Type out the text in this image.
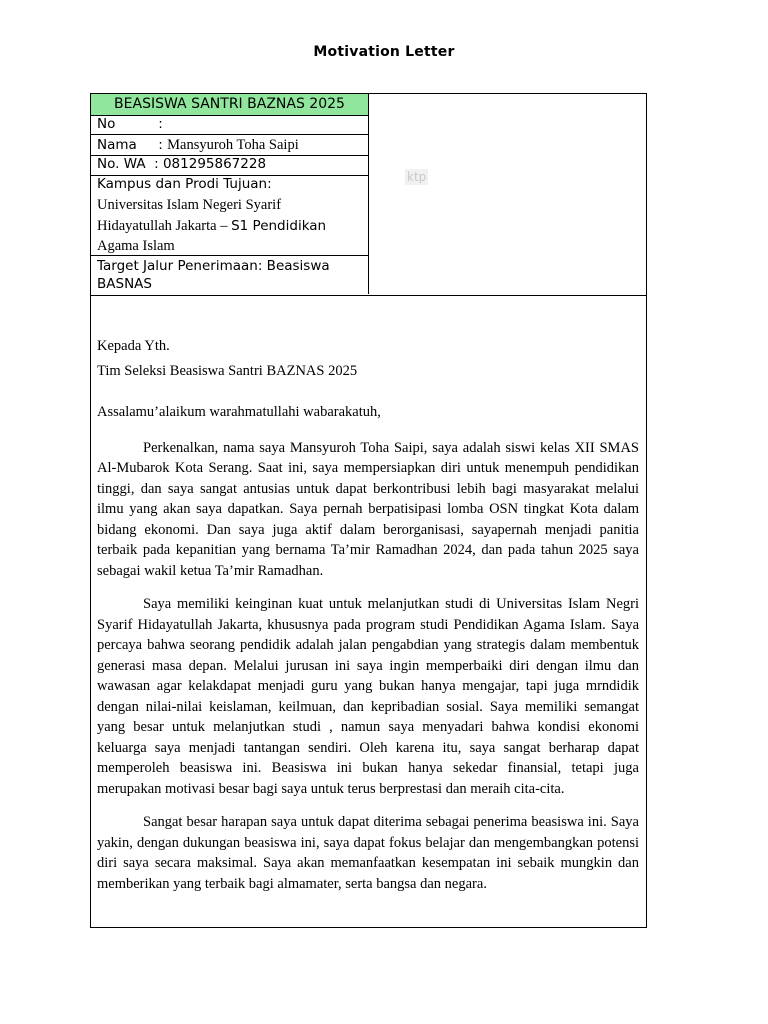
Motivation Letter
BEASISWA SANTRI BAZNAS 2025
No          :
Nama     : Mansyuroh Toha Saipi
No. WA  : 081295867228
Kampus dan Prodi Tujuan:
Universitas Islam Negeri Syarif Hidayatullah Jakarta – S1 Pendidikan Agama Islam
Target Jalur Penerimaan: Beasiswa BASNAS
ktp

Kepada Yth.

Tim Seleksi Beasiswa Santri BAZNAS 2025

Assalamu’alaikum warahmatullahi wabarakatuh,

Perkenalkan, nama saya Mansyuroh Toha Saipi, saya adalah siswi kelas XII SMAS Al-Mubarok Kota Serang. Saat ini, saya mempersiapkan diri untuk menempuh pendidikan tinggi, dan saya sangat antusias untuk dapat berkontribusi lebih bagi masyarakat melalui ilmu yang akan saya dapatkan. Saya pernah berpatisipasi lomba OSN tingkat Kota dalam bidang ekonomi. Dan saya juga aktif dalam berorganisasi, sayapernah menjadi panitia terbaik pada kepanitian yang bernama Ta’mir Ramadhan 2024, dan pada tahun 2025 saya sebagai wakil ketua Ta’mir Ramadhan.

Saya memiliki keinginan kuat untuk melanjutkan studi di Universitas Islam Negri Syarif Hidayatullah Jakarta, khususnya pada program studi Pendidikan Agama Islam. Saya percaya bahwa seorang pendidik adalah jalan pengabdian yang strategis dalam membentuk generasi masa depan. Melalui jurusan ini saya ingin memperbaiki diri dengan ilmu dan wawasan agar kelakdapat menjadi guru yang bukan hanya mengajar, tapi juga mrndidik dengan nilai-nilai keislaman, keilmuan, dan kepribadian sosial. Saya memiliki semangat yang besar untuk melanjutkan studi , namun saya menyadari bahwa kondisi ekonomi keluarga saya menjadi tantangan sendiri. Oleh karena itu, saya sangat berharap dapat memperoleh beasiswa ini. Beasiswa ini bukan hanya sekedar finansial, tetapi juga merupakan motivasi besar bagi saya untuk terus berprestasi dan meraih cita-cita.

Sangat besar harapan saya untuk dapat diterima sebagai penerima beasiswa ini. Saya yakin, dengan dukungan beasiswa ini, saya dapat fokus belajar dan mengembangkan potensi diri saya secara maksimal. Saya akan memanfaatkan kesempatan ini sebaik mungkin dan memberikan yang terbaik bagi almamater, serta bangsa dan negara.
